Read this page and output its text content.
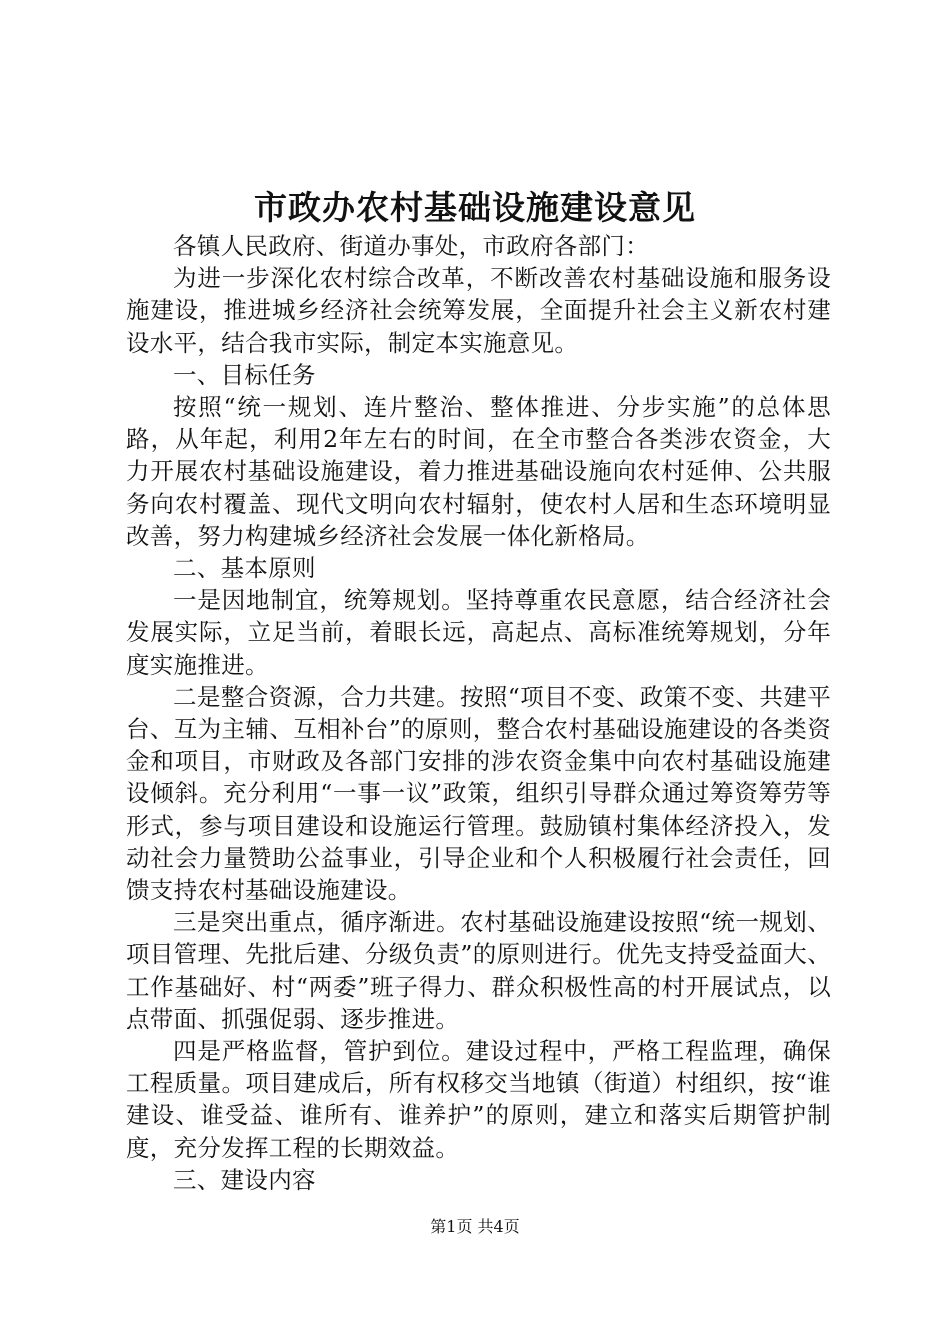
市政办农村基础设施建设意见

各镇人民政府、街道办事处，市政府各部门：

为进一步深化农村综合改革，不断改善农村基础设施和服务设施建设，推进城乡经济社会统筹发展，全面提升社会主义新农村建设水平，结合我市实际，制定本实施意见。

一、目标任务

按照“统一规划、连片整治、整体推进、分步实施”的总体思路，从年起，利用2年左右的时间，在全市整合各类涉农资金，大力开展农村基础设施建设，着力推进基础设施向农村延伸、公共服务向农村覆盖、现代文明向农村辐射，使农村人居和生态环境明显改善，努力构建城乡经济社会发展一体化新格局。

二、基本原则

一是因地制宜，统筹规划。坚持尊重农民意愿，结合经济社会发展实际，立足当前，着眼长远，高起点、高标准统筹规划，分年度实施推进。

二是整合资源，合力共建。按照“项目不变、政策不变、共建平台、互为主辅、互相补台”的原则，整合农村基础设施建设的各类资金和项目，市财政及各部门安排的涉农资金集中向农村基础设施建设倾斜。充分利用“一事一议”政策，组织引导群众通过筹资筹劳等形式，参与项目建设和设施运行管理。鼓励镇村集体经济投入，发动社会力量赞助公益事业，引导企业和个人积极履行社会责任，回馈支持农村基础设施建设。

三是突出重点，循序渐进。农村基础设施建设按照“统一规划、项目管理、先批后建、分级负责”的原则进行。优先支持受益面大、工作基础好、村“两委”班子得力、群众积极性高的村开展试点，以点带面、抓强促弱、逐步推进。

四是严格监督，管护到位。建设过程中，严格工程监理，确保工程质量。项目建成后，所有权移交当地镇（街道）村组织，按“谁建设、谁受益、谁所有、谁养护”的原则，建立和落实后期管护制度，充分发挥工程的长期效益。

三、建设内容

第1页 共4页
